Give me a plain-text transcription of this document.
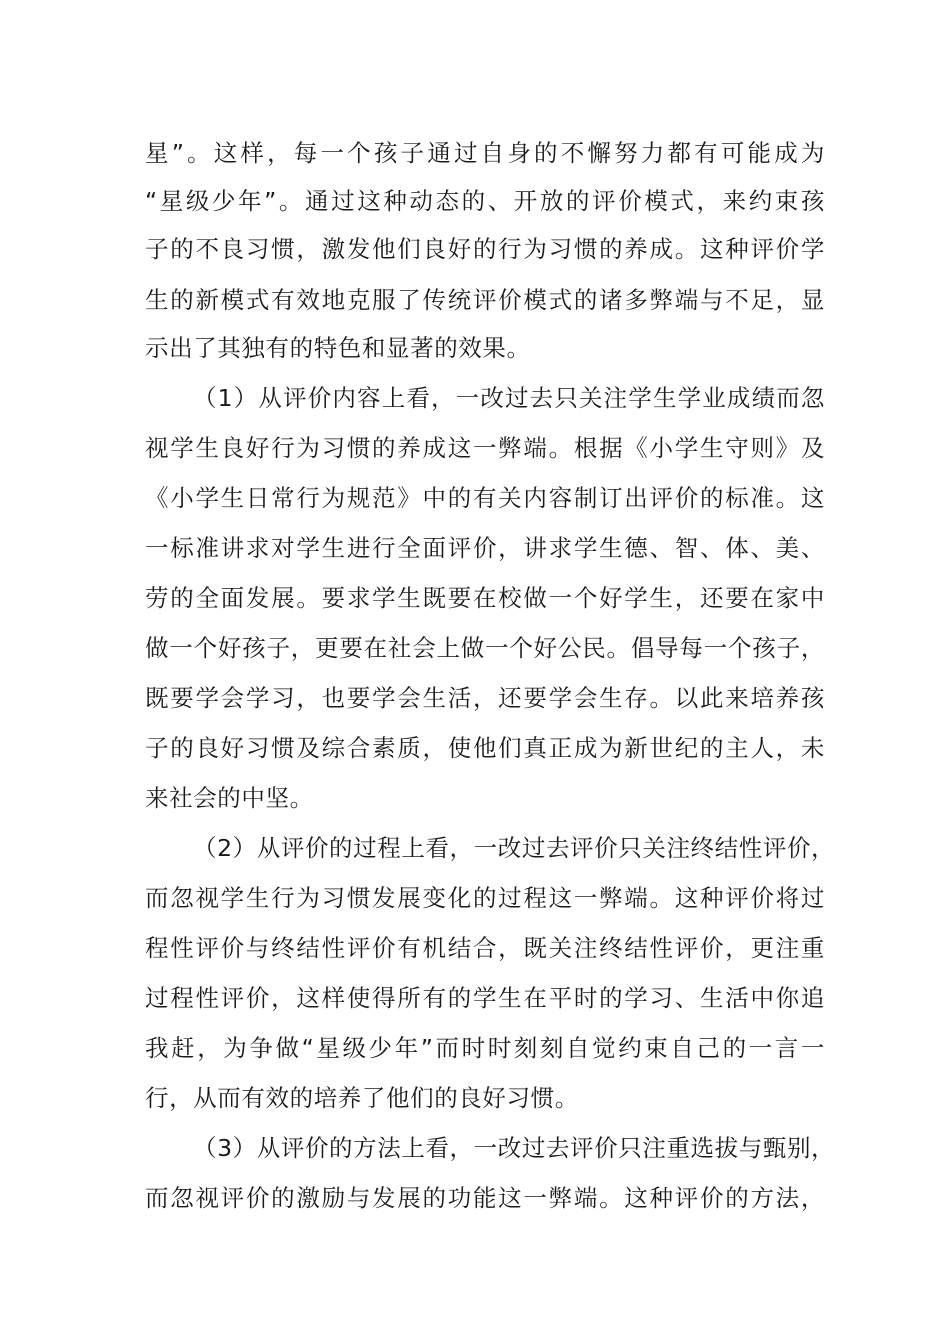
星”。这样，每一个孩子通过自身的不懈努力都有可能成为
“星级少年”。通过这种动态的、开放的评价模式，来约束孩
子的不良习惯，激发他们良好的行为习惯的养成。这种评价学
生的新模式有效地克服了传统评价模式的诸多弊端与不足，显
示出了其独有的特色和显著的效果。
（1）从评价内容上看，一改过去只关注学生学业成绩而忽
视学生良好行为习惯的养成这一弊端。根据《小学生守则》及
《小学生日常行为规范》中的有关内容制订出评价的标准。这
一标准讲求对学生进行全面评价，讲求学生德、智、体、美、
劳的全面发展。要求学生既要在校做一个好学生，还要在家中
做一个好孩子，更要在社会上做一个好公民。倡导每一个孩子，
既要学会学习，也要学会生活，还要学会生存。以此来培养孩
子的良好习惯及综合素质，使他们真正成为新世纪的主人，未
来社会的中坚。
（2）从评价的过程上看，一改过去评价只关注终结性评价，
而忽视学生行为习惯发展变化的过程这一弊端。这种评价将过
程性评价与终结性评价有机结合，既关注终结性评价，更注重
过程性评价，这样使得所有的学生在平时的学习、生活中你追
我赶，为争做“星级少年”而时时刻刻自觉约束自己的一言一
行，从而有效的培养了他们的良好习惯。
（3）从评价的方法上看，一改过去评价只注重选拔与甄别，
而忽视评价的激励与发展的功能这一弊端。这种评价的方法，
